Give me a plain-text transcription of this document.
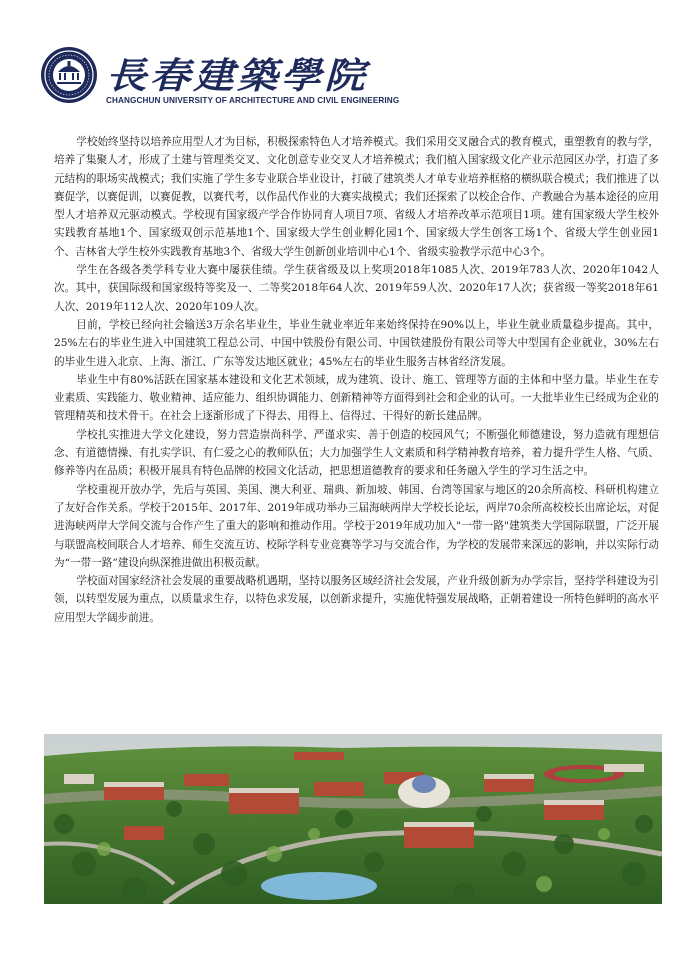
長春建築學院
CHANGCHUN UNIVERSITY OF ARCHITECTURE AND CIVIL ENGINEERING

学校始终坚持以培养应用型人才为目标，积极探索特色人才培养模式。我们采用交叉融合式的教育模式，重塑教育的教与学，培养了集聚人才，形成了土建与管理类交叉、文化创意专业交叉人才培养模式；我们植入国家级文化产业示范园区办学，打造了多元结构的职场实战模式；我们实施了学生多专业联合毕业设计，打破了建筑类人才单专业培养框格的横纵联合模式；我们推进了以赛促学，以赛促训，以赛促教，以赛代考，以作品代作业的大赛实战模式；我们还探索了以校企合作、产教融合为基本途径的应用型人才培养双元驱动模式。学校现有国家级产学合作协同育人项目7项、省级人才培养改革示范项目1项。建有国家级大学生校外实践教育基地1个、国家级双创示范基地1个、国家级大学生创业孵化园1个、国家级大学生创客工场1个、省级大学生创业园1个、吉林省大学生校外实践教育基地3个、省级大学生创新创业培训中心1个、省级实验教学示范中心3个。

学生在各级各类学科专业大赛中屡获佳绩。学生获省级及以上奖项2018年1085人次、2019年783人次、2020年1042人次。其中，获国际级和国家级特等奖及一、二等奖2018年64人次、2019年59人次、2020年17人次；获省级一等奖2018年61人次、2019年112人次、2020年109人次。

目前，学校已经向社会输送3万余名毕业生，毕业生就业率近年来始终保持在90%以上，毕业生就业质量稳步提高。其中，25%左右的毕业生进入中国建筑工程总公司、中国中铁股份有限公司、中国铁建股份有限公司等大中型国有企业就业，30%左右的毕业生进入北京、上海、浙江、广东等发达地区就业；45%左右的毕业生服务吉林省经济发展。

毕业生中有80%活跃在国家基本建设和文化艺术领域，成为建筑、设计、施工、管理等方面的主体和中坚力量。毕业生在专业素质、实践能力、敬业精神、适应能力、组织协调能力、创新精神等方面得到社会和企业的认可。一大批毕业生已经成为企业的管理精英和技术骨干。在社会上逐渐形成了下得去、用得上、信得过、干得好的新长建品牌。

学校扎实推进大学文化建设，努力营造崇尚科学、严谨求实、善于创造的校园风气；不断强化师德建设，努力造就有理想信念、有道德情操、有扎实学识、有仁爱之心的教师队伍；大力加强学生人文素质和科学精神教育培养，着力提升学生人格、气质、修养等内在品质；积极开展具有特色品牌的校园文化活动，把思想道德教育的要求和任务融入学生的学习生活之中。

学校重视开放办学，先后与英国、美国、澳大利亚、瑞典、新加坡、韩国、台湾等国家与地区的20余所高校、科研机构建立了友好合作关系。学校于2015年、2017年、2019年成功举办三届海峡两岸大学校长论坛，两岸70余所高校校长出席论坛，对促进海峡两岸大学间交流与合作产生了重大的影响和推动作用。学校于2019年成功加入"一带一路"建筑类大学国际联盟，广泛开展与联盟高校间联合人才培养、师生交流互访、校际学科专业竞赛等学习与交流合作，为学校的发展带来深远的影响，并以实际行动为“一带一路”建设向纵深推进做出积极贡献。

学校面对国家经济社会发展的重要战略机遇期，坚持以服务区域经济社会发展，产业升级创新为办学宗旨，坚持学科建设为引领，以转型发展为重点，以质量求生存，以特色求发展，以创新求提升，实施优特强发展战略，正朝着建设一所特色鲜明的高水平应用型大学阔步前进。
